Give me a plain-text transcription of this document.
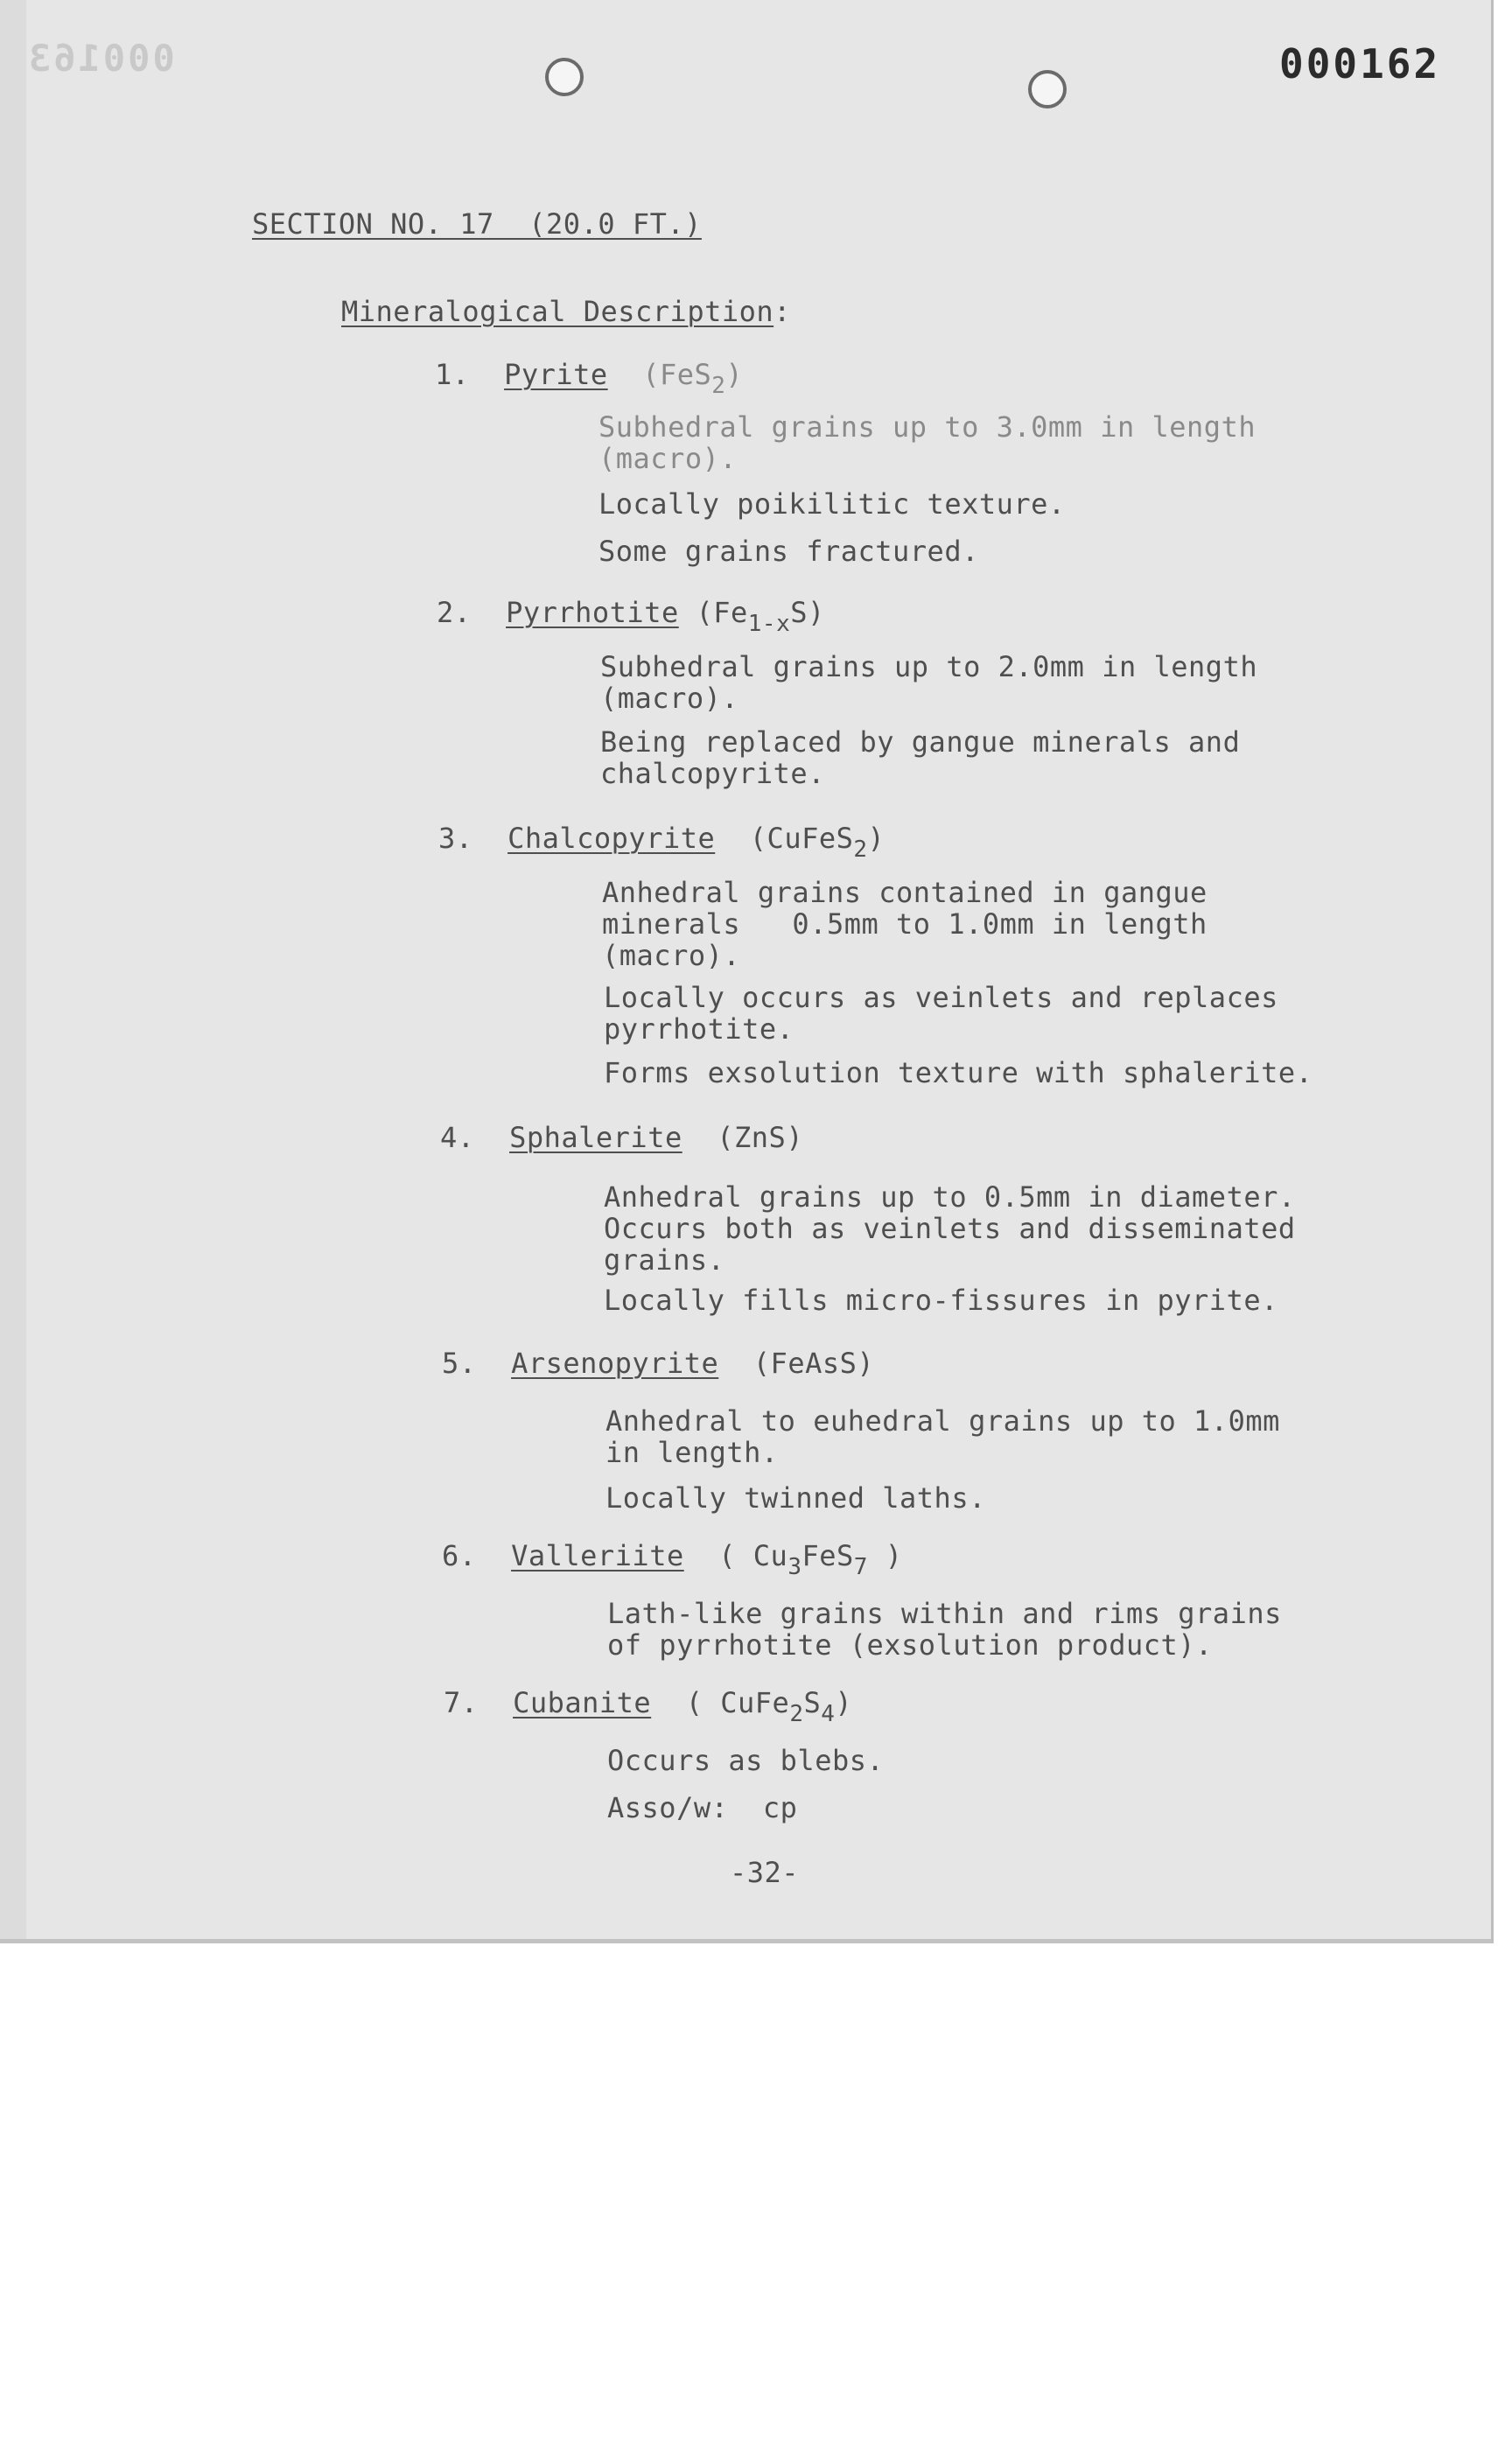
000163	000162
SECTION NO. 17  (20.0 FT.)
Mineralogical Description:
1. Pyrite (FeS$_2$)
Subhedral grains up to 3.0mm in length
(macro).
Locally poikilitic texture.
Some grains fractured.
2. Pyrrhotite $(Fe_{1-x}S)$
Subhedral grains up to 2.0mm in length
(macro).
Being replaced by gangue minerals and
chalcopyrite.
3. Chalcopyrite (CuFeS$_2$)
Anhedral grains contained in gangue
minerals   0.5mm to 1.0mm in length
(macro).
Locally occurs as veinlets and replaces
pyrrhotite.
Forms exsolution texture with sphalerite.
4. Sphalerite (ZnS)
Anhedral grains up to 0.5mm in diameter.
Occurs both as veinlets and disseminated
grains.
Locally fills micro-fissures in pyrite.
5. Arsenopyrite (FeAsS)
Anhedral to euhedral grains up to 1.0mm
in length.
Locally twinned laths.
6. Valleriite ( $Cu_3FeS_7$ )
Lath-like grains within and rims grains
of pyrrhotite (exsolution product).
7. Cubanite ( $CuFe_2S_4$)
Occurs as blebs.
Asso/w:  cp
-32-
